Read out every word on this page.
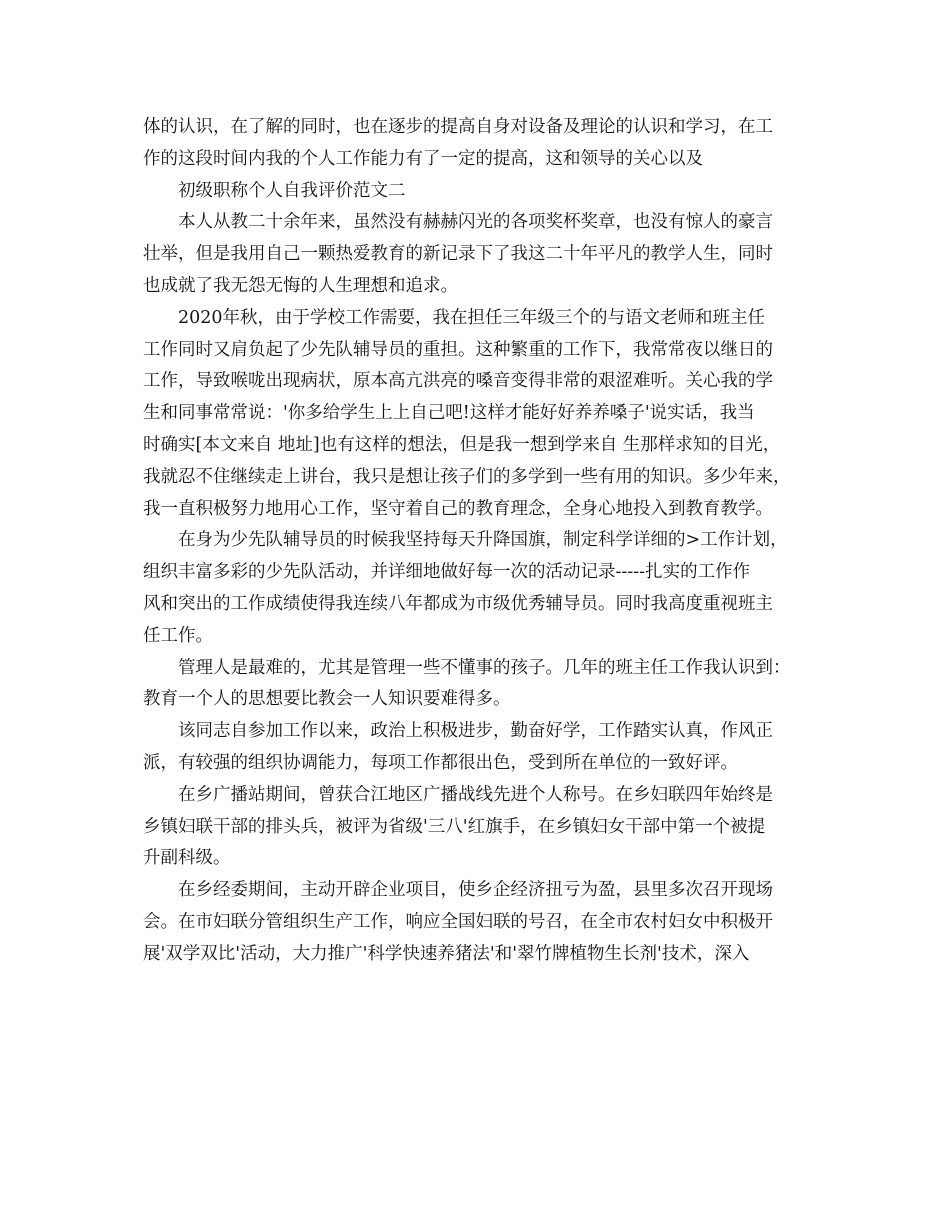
体的认识，在了解的同时，也在逐步的提高自身对设备及理论的认识和学习，在工
作的这段时间内我的个人工作能力有了一定的提高，这和领导的关心以及
　　初级职称个人自我评价范文二
　　本人从教二十余年来，虽然没有赫赫闪光的各项奖杯奖章，也没有惊人的豪言
壮举，但是我用自己一颗热爱教育的新记录下了我这二十年平凡的教学人生，同时
也成就了我无怨无悔的人生理想和追求。
　　2020年秋，由于学校工作需要，我在担任三年级三个的与语文老师和班主任
工作同时又肩负起了少先队辅导员的重担。这种繁重的工作下，我常常夜以继日的
工作，导致喉咙出现病状，原本高亢洪亮的嗓音变得非常的艰涩难听。关心我的学
生和同事常常说：'你多给学生上上自己吧!这样才能好好养养嗓子'说实话，我当
时确实[本文来自 地址]也有这样的想法，但是我一想到学来自 生那样求知的目光，
我就忍不住继续走上讲台，我只是想让孩子们的多学到一些有用的知识。多少年来，
我一直积极努力地用心工作，坚守着自己的教育理念，全身心地投入到教育教学。
　　在身为少先队辅导员的时候我坚持每天升降国旗，制定科学详细的>工作计划，
组织丰富多彩的少先队活动，并详细地做好每一次的活动记录-----扎实的工作作
风和突出的工作成绩使得我连续八年都成为市级优秀辅导员。同时我高度重视班主
任工作。
　　管理人是最难的，尤其是管理一些不懂事的孩子。几年的班主任工作我认识到：
教育一个人的思想要比教会一人知识要难得多。
　　该同志自参加工作以来，政治上积极进步，勤奋好学，工作踏实认真，作风正
派，有较强的组织协调能力，每项工作都很出色，受到所在单位的一致好评。
　　在乡广播站期间，曾获合江地区广播战线先进个人称号。在乡妇联四年始终是
乡镇妇联干部的排头兵，被评为省级'三八'红旗手，在乡镇妇女干部中第一个被提
升副科级。
　　在乡经委期间，主动开辟企业项目，使乡企经济扭亏为盈，县里多次召开现场
会。在市妇联分管组织生产工作，响应全国妇联的号召，在全市农村妇女中积极开
展'双学双比'活动，大力推广'科学快速养猪法'和'翠竹牌植物生长剂'技术，深入
